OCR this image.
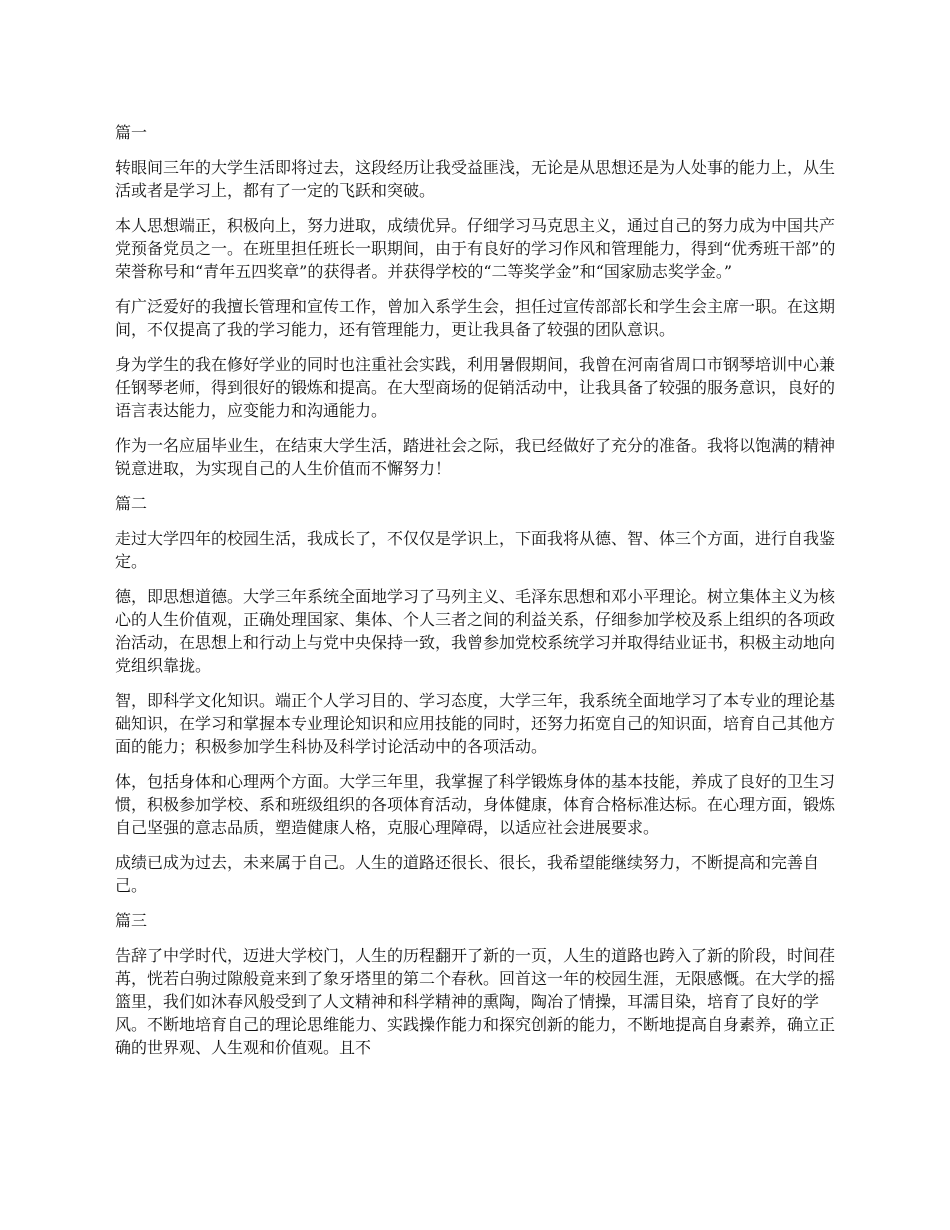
篇一

转眼间三年的大学生活即将过去，这段经历让我受益匪浅，无论是从思想还是为人处事的能力上，从生活或者是学习上，都有了一定的飞跃和突破。

本人思想端正，积极向上，努力进取，成绩优异。仔细学习马克思主义，通过自己的努力成为中国共产党预备党员之一。在班里担任班长一职期间，由于有良好的学习作风和管理能力，得到“优秀班干部”的荣誉称号和“青年五四奖章”的获得者。并获得学校的“二等奖学金”和“国家励志奖学金。”

有广泛爱好的我擅长管理和宣传工作，曾加入系学生会，担任过宣传部部长和学生会主席一职。在这期间，不仅提高了我的学习能力，还有管理能力，更让我具备了较强的团队意识。

身为学生的我在修好学业的同时也注重社会实践，利用暑假期间，我曾在河南省周口市钢琴培训中心兼任钢琴老师，得到很好的锻炼和提高。在大型商场的促销活动中，让我具备了较强的服务意识，良好的语言表达能力，应变能力和沟通能力。

作为一名应届毕业生，在结束大学生活，踏进社会之际，我已经做好了充分的准备。我将以饱满的精神锐意进取，为实现自己的人生价值而不懈努力！

篇二

走过大学四年的校园生活，我成长了，不仅仅是学识上，下面我将从德、智、体三个方面，进行自我鉴定。

德，即思想道德。大学三年系统全面地学习了马列主义、毛泽东思想和邓小平理论。树立集体主义为核心的人生价值观，正确处理国家、集体、个人三者之间的利益关系，仔细参加学校及系上组织的各项政治活动，在思想上和行动上与党中央保持一致，我曾参加党校系统学习并取得结业证书，积极主动地向党组织靠拢。

智，即科学文化知识。端正个人学习目的、学习态度，大学三年，我系统全面地学习了本专业的理论基础知识，在学习和掌握本专业理论知识和应用技能的同时，还努力拓宽自己的知识面，培育自己其他方面的能力；积极参加学生科协及科学讨论活动中的各项活动。

体，包括身体和心理两个方面。大学三年里，我掌握了科学锻炼身体的基本技能，养成了良好的卫生习惯，积极参加学校、系和班级组织的各项体育活动，身体健康，体育合格标准达标。在心理方面，锻炼自己坚强的意志品质，塑造健康人格，克服心理障碍，以适应社会进展要求。

成绩已成为过去，未来属于自己。人生的道路还很长、很长，我希望能继续努力，不断提高和完善自己。

篇三

告辞了中学时代，迈进大学校门，人生的历程翻开了新的一页，人生的道路也跨入了新的阶段，时间荏苒，恍若白驹过隙般竟来到了象牙塔里的第二个春秋。回首这一年的校园生涯，无限感慨。在大学的摇篮里，我们如沐春风般受到了人文精神和科学精神的熏陶，陶冶了情操，耳濡目染，培育了良好的学风。不断地培育自己的理论思维能力、实践操作能力和探究创新的能力，不断地提高自身素养，确立正确的世界观、人生观和价值观。且不
